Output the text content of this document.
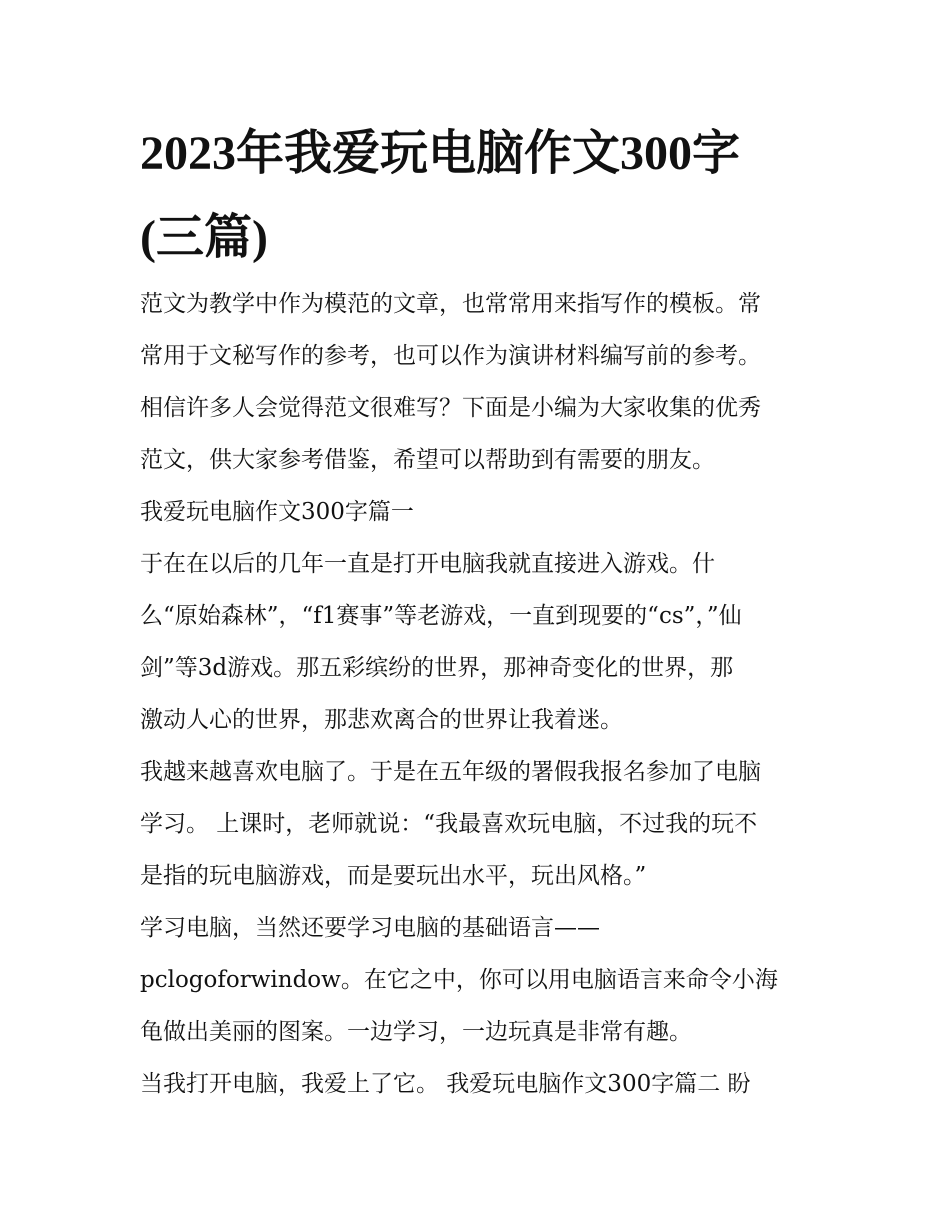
2023年我爱玩电脑作文300字
(三篇)

范文为教学中作为模范的文章，也常常用来指写作的模板。常

常用于文秘写作的参考，也可以作为演讲材料编写前的参考。

相信许多人会觉得范文很难写？下面是小编为大家收集的优秀

范文，供大家参考借鉴，希望可以帮助到有需要的朋友。

我爱玩电脑作文300字篇一

于在在以后的几年一直是打开电脑我就直接进入游戏。什

么“原始森林”，“f1赛事”等老游戏，一直到现要的“cs”，”仙

剑”等3d游戏。那五彩缤纷的世界，那神奇变化的世界，那

激动人心的世界，那悲欢离合的世界让我着迷。

我越来越喜欢电脑了。于是在五年级的署假我报名参加了电脑

学习。 上课时，老师就说：“我最喜欢玩电脑，不过我的玩不

是指的玩电脑游戏，而是要玩出水平，玩出风格。”

学习电脑，当然还要学习电脑的基础语言——

pclogoforwindow。在它之中，你可以用电脑语言来命令小海

龟做出美丽的图案。一边学习，一边玩真是非常有趣。

当我打开电脑，我爱上了它。 我爱玩电脑作文300字篇二 盼
